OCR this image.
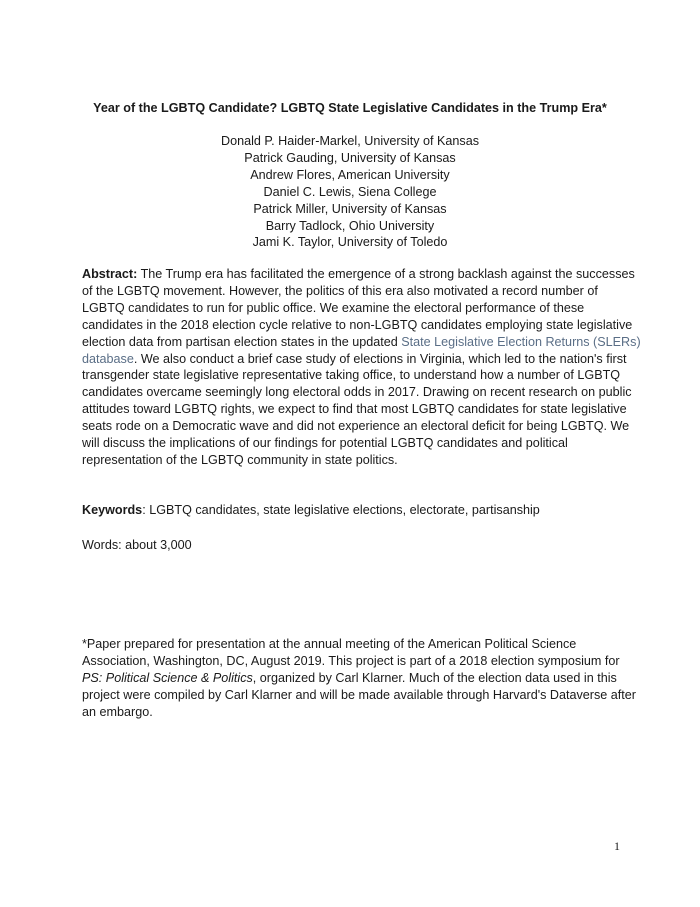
Year of the LGBTQ Candidate? LGBTQ State Legislative Candidates in the Trump Era*
Donald P. Haider-Markel, University of Kansas
Patrick Gauding, University of Kansas
Andrew Flores, American University
Daniel C. Lewis, Siena College
Patrick Miller, University of Kansas
Barry Tadlock, Ohio University
Jami K. Taylor, University of Toledo

Abstract: The Trump era has facilitated the emergence of a strong backlash against the successes of the LGBTQ movement. However, the politics of this era also motivated a record number of LGBTQ candidates to run for public office. We examine the electoral performance of these candidates in the 2018 election cycle relative to non-LGBTQ candidates employing state legislative election data from partisan election states in the updated State Legislative Election Returns (SLERs) database. We also conduct a brief case study of elections in Virginia, which led to the nation's first transgender state legislative representative taking office, to understand how a number of LGBTQ candidates overcame seemingly long electoral odds in 2017. Drawing on recent research on public attitudes toward LGBTQ rights, we expect to find that most LGBTQ candidates for state legislative seats rode on a Democratic wave and did not experience an electoral deficit for being LGBTQ. We will discuss the implications of our findings for potential LGBTQ candidates and political representation of the LGBTQ community in state politics.

Keywords: LGBTQ candidates, state legislative elections, electorate, partisanship

Words: about 3,000

*Paper prepared for presentation at the annual meeting of the American Political Science Association, Washington, DC, August 2019. This project is part of a 2018 election symposium for PS: Political Science & Politics, organized by Carl Klarner. Much of the election data used in this project were compiled by Carl Klarner and will be made available through Harvard's Dataverse after an embargo.

1
